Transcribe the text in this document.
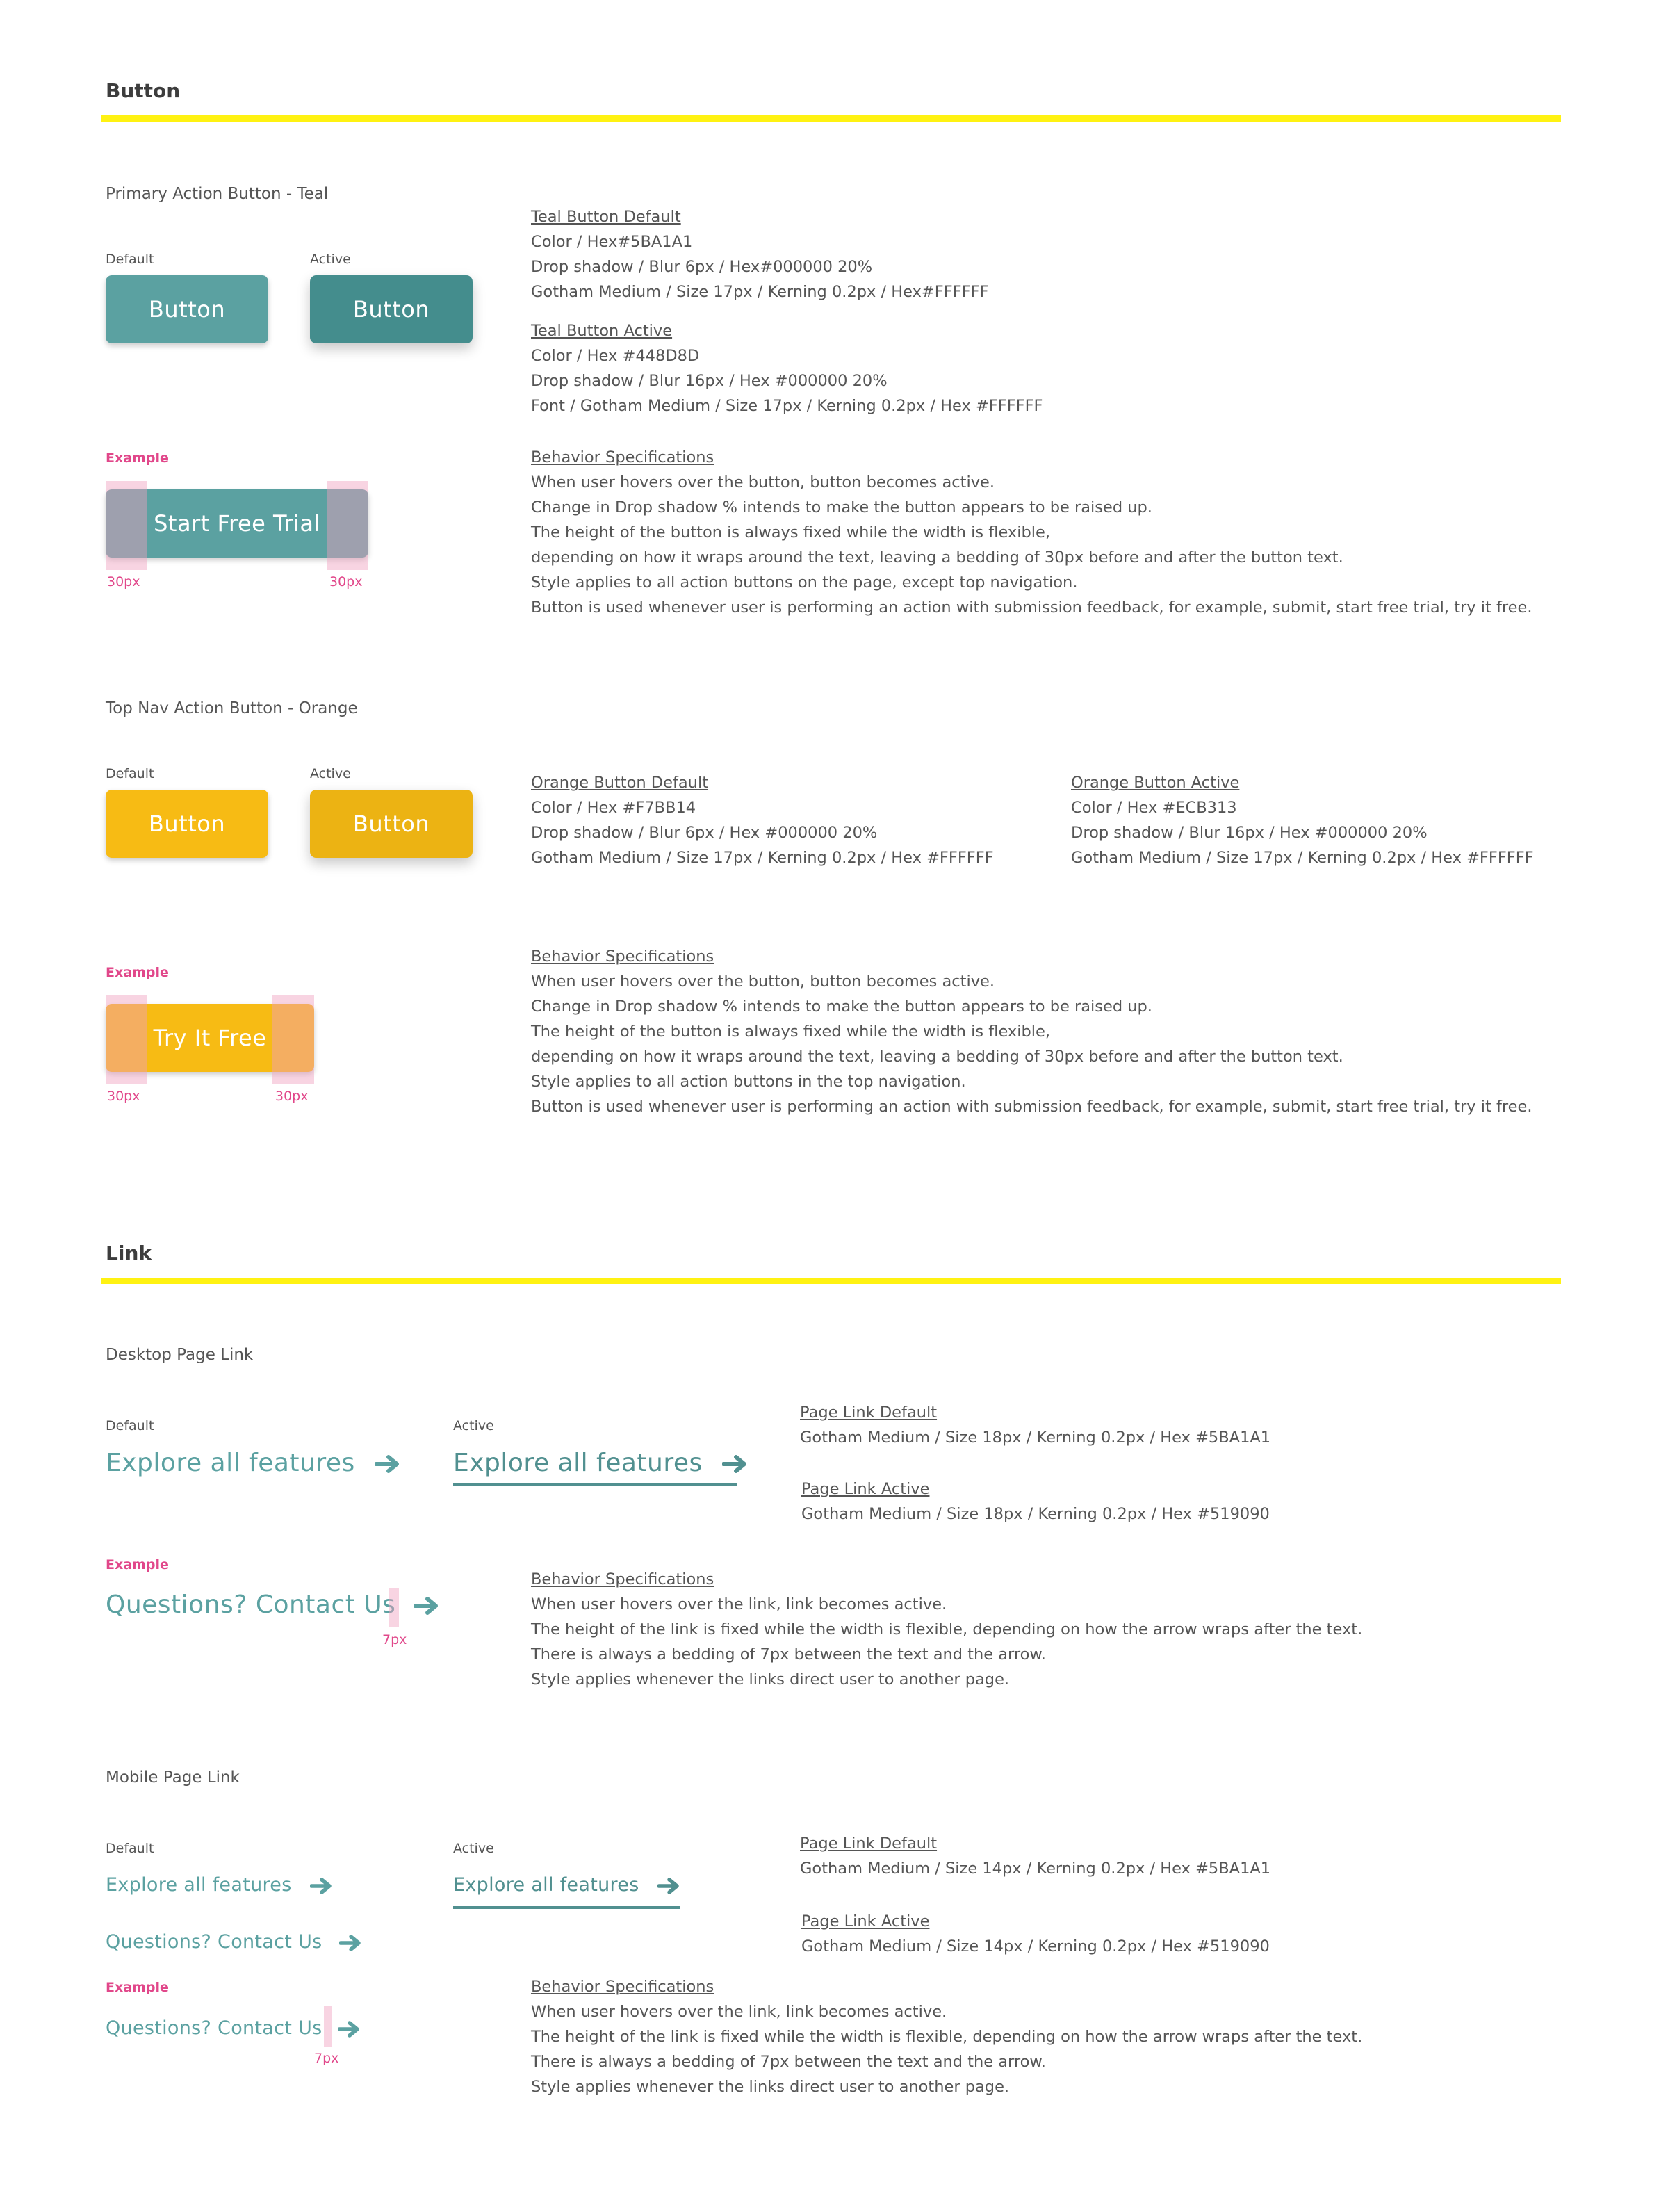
Button
Primary Action Button - Teal
Default	Active
Button	Button
Teal Button Default
Color / Hex#5BA1A1
Drop shadow / Blur 6px / Hex#000000 20%
Gotham Medium / Size 17px / Kerning 0.2px / Hex#FFFFFF
Teal Button Active
Color / Hex #448D8D
Drop shadow / Blur 16px / Hex #000000 20%
Font / Gotham Medium / Size 17px / Kerning 0.2px / Hex #FFFFFF
Example
Start Free Trial
30px	30px
Behavior Specifications
When user hovers over the button, button becomes active.
Change in Drop shadow % intends to make the button appears to be raised up.
The height of the button is always fixed while the width is flexible,
depending on how it wraps around the text, leaving a bedding of 30px before and after the button text.
Style applies to all action buttons on the page, except top navigation.
Button is used whenever user is performing an action with submission feedback, for example, submit, start free trial, try it free.
Top Nav Action Button - Orange
Default	Active
Button	Button
Orange Button Default
Color / Hex #F7BB14
Drop shadow / Blur 6px / Hex #000000 20%
Gotham Medium / Size 17px / Kerning 0.2px / Hex #FFFFFF
Orange Button Active
Color / Hex #ECB313
Drop shadow / Blur 16px / Hex #000000 20%
Gotham Medium / Size 17px / Kerning 0.2px / Hex #FFFFFF
Example
Try It Free
30px	30px
Behavior Specifications
When user hovers over the button, button becomes active.
Change in Drop shadow % intends to make the button appears to be raised up.
The height of the button is always fixed while the width is flexible,
depending on how it wraps around the text, leaving a bedding of 30px before and after the button text.
Style applies to all action buttons in the top navigation.
Button is used whenever user is performing an action with submission feedback, for example, submit, start free trial, try it free.
Link
Desktop Page Link
Default	Active
Explore all features	Explore all features
Page Link Default
Gotham Medium / Size 18px / Kerning 0.2px / Hex #5BA1A1
Page Link Active
Gotham Medium / Size 18px / Kerning 0.2px / Hex #519090
Example
Questions? Contact Us
7px
Behavior Specifications
When user hovers over the link, link becomes active.
The height of the link is fixed while the width is flexible, depending on how the arrow wraps after the text.
There is always a bedding of 7px between the text and the arrow.
Style applies whenever the links direct user to another page.
Mobile Page Link
Default	Active
Explore all features	Explore all features
Questions? Contact Us
Page Link Default
Gotham Medium / Size 14px / Kerning 0.2px / Hex #5BA1A1
Page Link Active
Gotham Medium / Size 14px / Kerning 0.2px / Hex #519090
Example
Questions? Contact Us
7px
Behavior Specifications
When user hovers over the link, link becomes active.
The height of the link is fixed while the width is flexible, depending on how the arrow wraps after the text.
There is always a bedding of 7px between the text and the arrow.
Style applies whenever the links direct user to another page.
